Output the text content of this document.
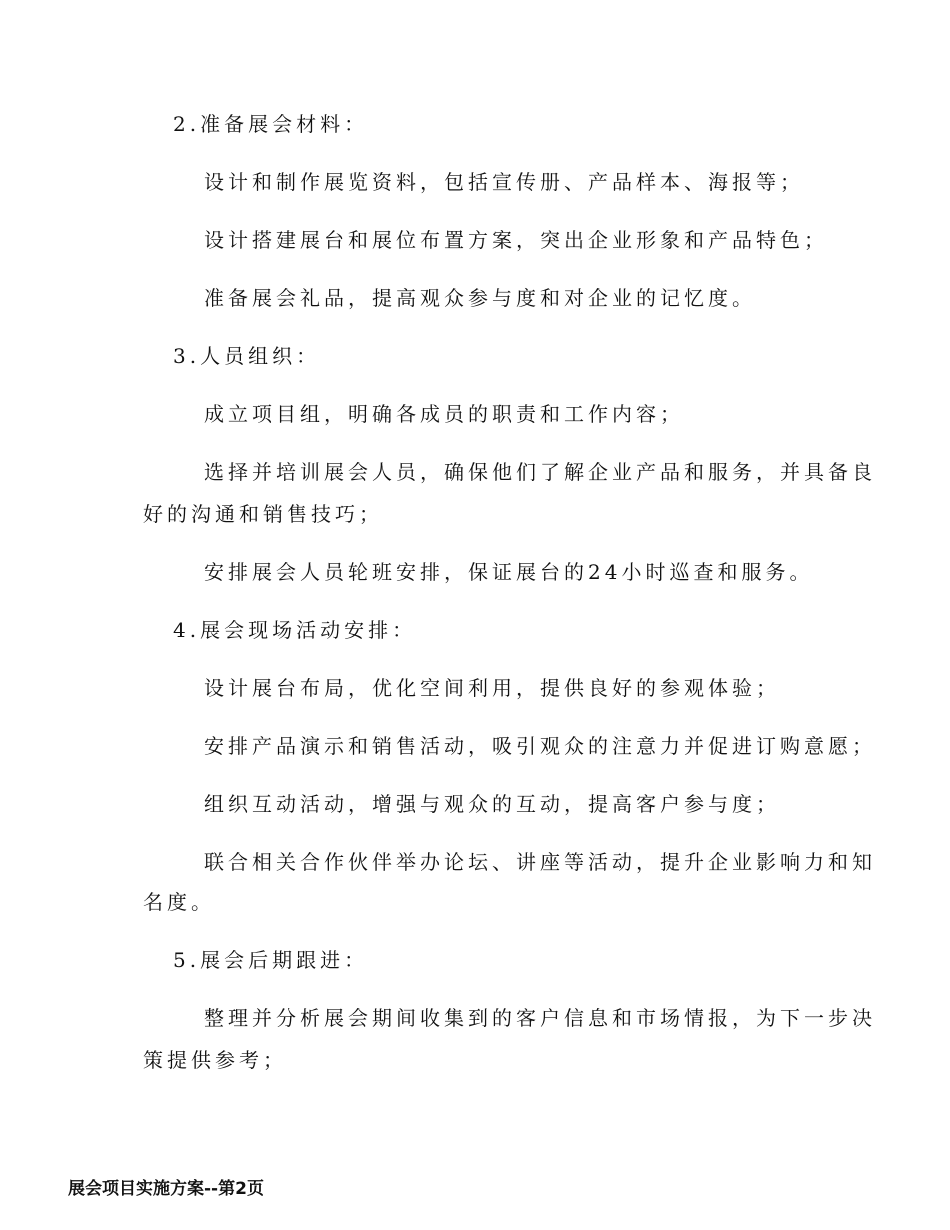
2.准备展会材料：
设计和制作展览资料，包括宣传册、产品样本、海报等；
设计搭建展台和展位布置方案，突出企业形象和产品特色；
准备展会礼品，提高观众参与度和对企业的记忆度。
3.人员组织：
成立项目组，明确各成员的职责和工作内容；
选择并培训展会人员，确保他们了解企业产品和服务，并具备良
好的沟通和销售技巧；
安排展会人员轮班安排，保证展台的24小时巡查和服务。
4.展会现场活动安排：
设计展台布局，优化空间利用，提供良好的参观体验；
安排产品演示和销售活动，吸引观众的注意力并促进订购意愿；
组织互动活动，增强与观众的互动，提高客户参与度；
联合相关合作伙伴举办论坛、讲座等活动，提升企业影响力和知
名度。
5.展会后期跟进：
整理并分析展会期间收集到的客户信息和市场情报，为下一步决
策提供参考；
展会项目实施方案--第2页
